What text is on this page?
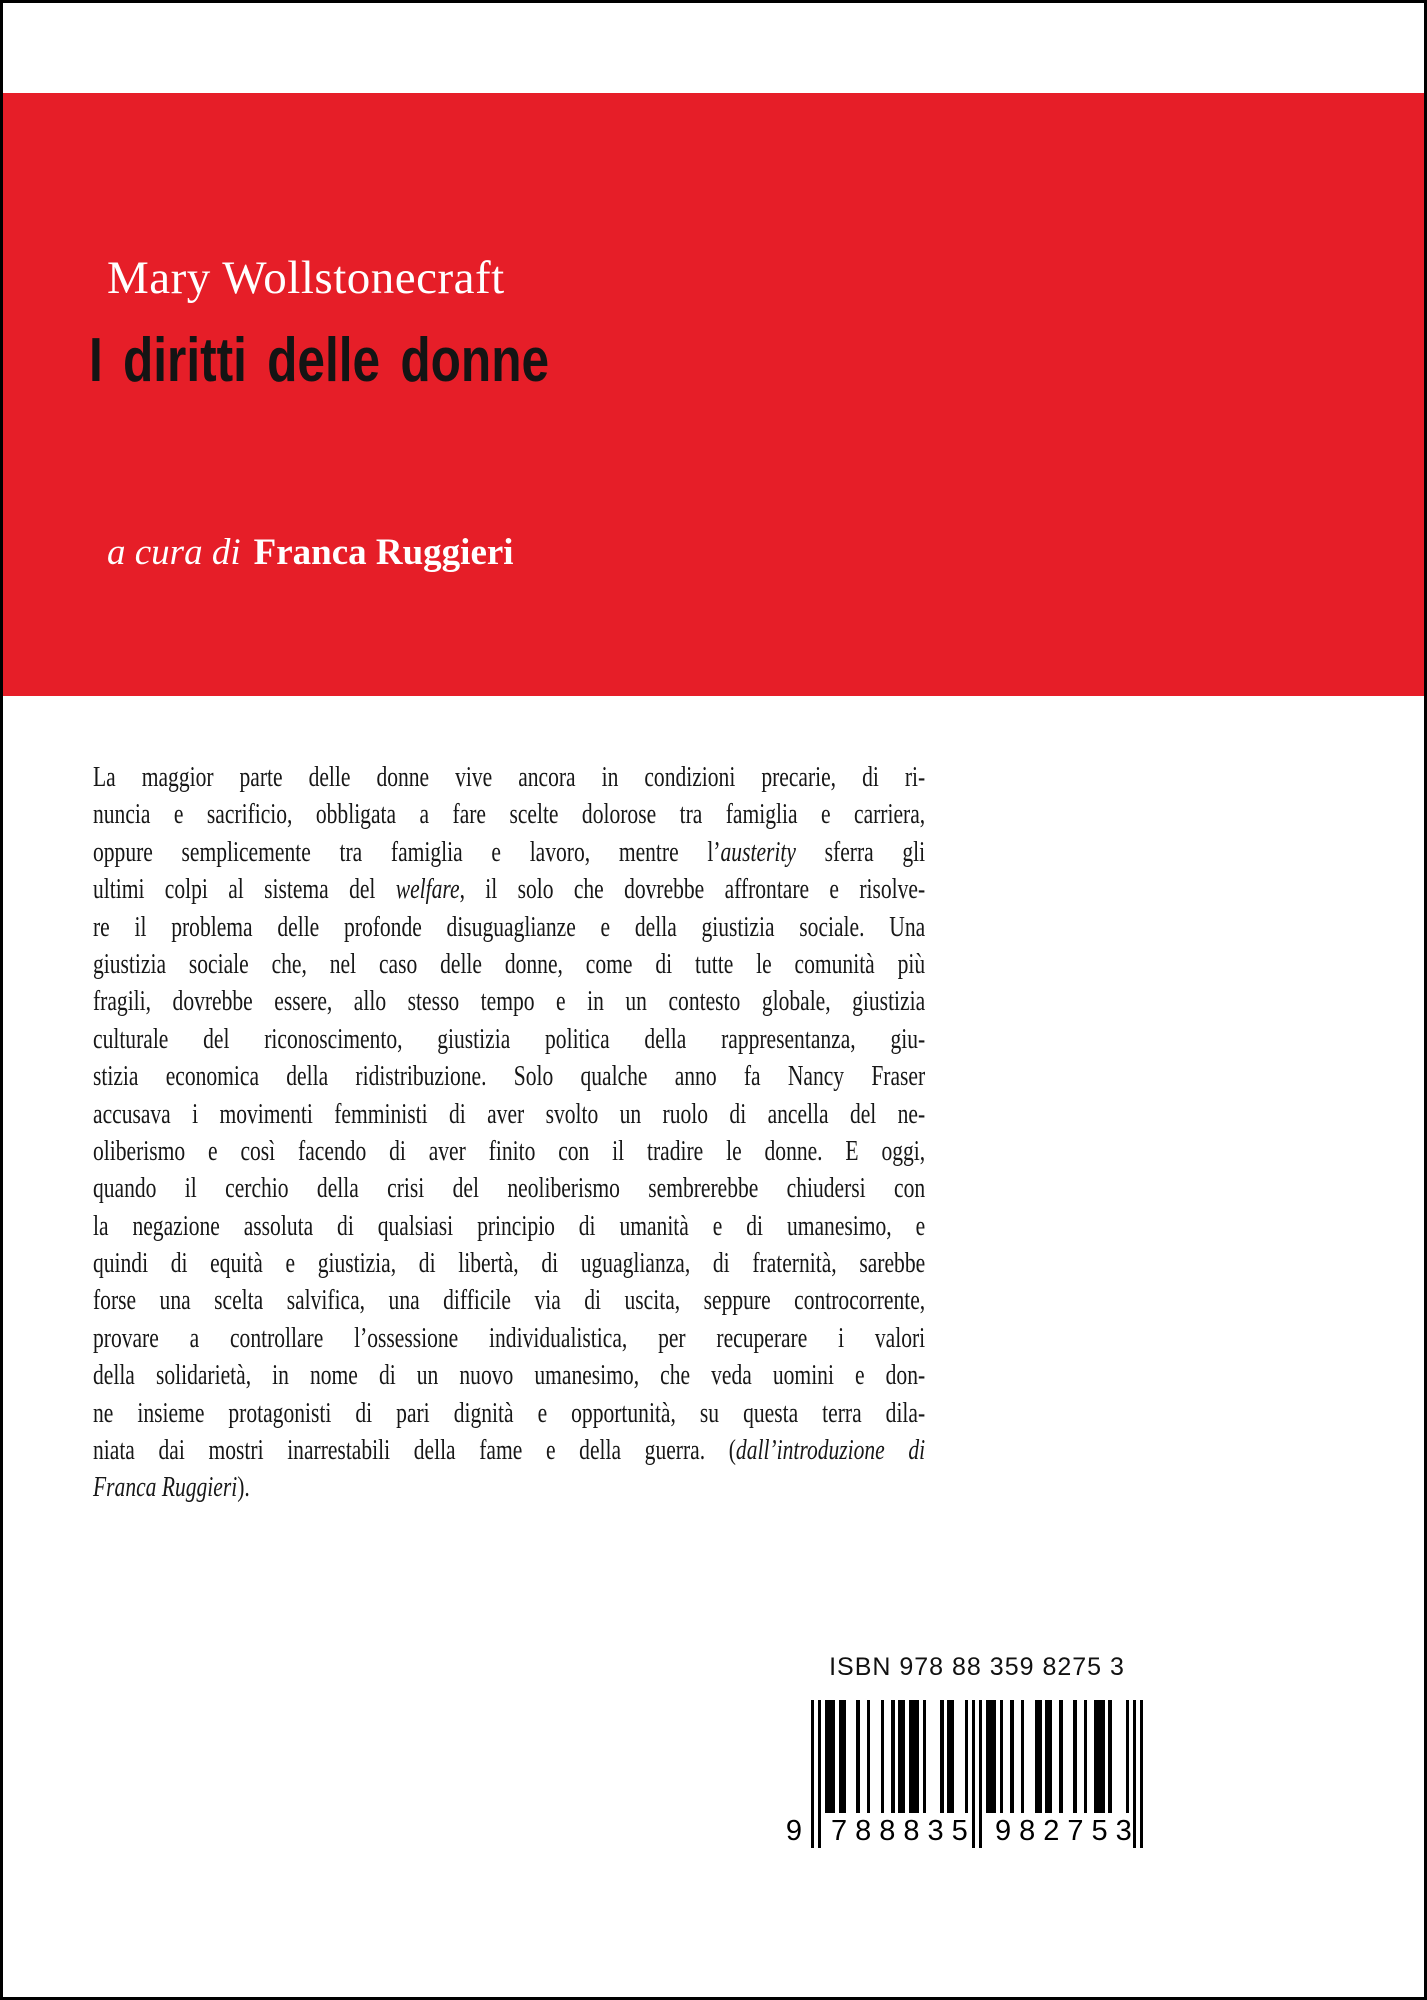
Mary Wollstonecraft
I diritti delle donne
a cura di Franca Ruggieri
La maggior parte delle donne vive ancora in condizioni precarie, di ri-
nuncia e sacrificio, obbligata a fare scelte dolorose tra famiglia e carriera,
oppure semplicemente tra famiglia e lavoro, mentre l’austerity sferra gli
ultimi colpi al sistema del welfare, il solo che dovrebbe affrontare e risolve-
re il problema delle profonde disuguaglianze e della giustizia sociale. Una
giustizia sociale che, nel caso delle donne, come di tutte le comunità più
fragili, dovrebbe essere, allo stesso tempo e in un contesto globale, giustizia
culturale del riconoscimento, giustizia politica della rappresentanza, giu-
stizia economica della ridistribuzione. Solo qualche anno fa Nancy Fraser
accusava i movimenti femministi di aver svolto un ruolo di ancella del ne-
oliberismo e così facendo di aver finito con il tradire le donne. E oggi,
quando il cerchio della crisi del neoliberismo sembrerebbe chiudersi con
la negazione assoluta di qualsiasi principio di umanità e di umanesimo, e
quindi di equità e giustizia, di libertà, di uguaglianza, di fraternità, sarebbe
forse una scelta salvifica, una difficile via di uscita, seppure controcorrente,
provare a controllare l’ossessione individualistica, per recuperare i valori
della solidarietà, in nome di un nuovo umanesimo, che veda uomini e don-
ne insieme protagonisti di pari dignità e opportunità, su questa terra dila-
niata dai mostri inarrestabili della fame e della guerra. (dall’introduzione di
Franca Ruggieri).
ISBN 978 88 359 8275 3
9 788835 982753
